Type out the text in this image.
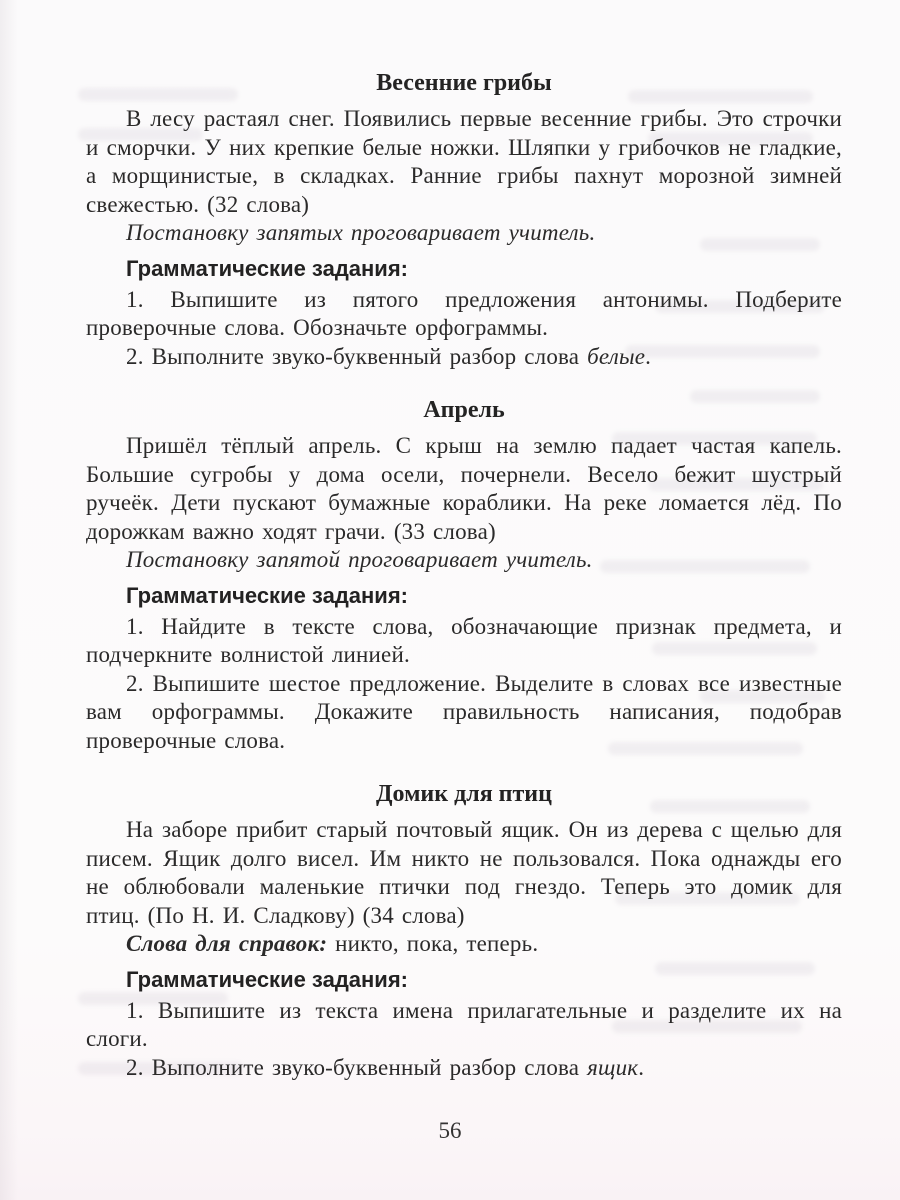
Весенние грибы

В лесу растаял снег. Появились первые весенние грибы. Это строчки и сморчки. У них крепкие белые ножки. Шляпки у грибочков не гладкие, а морщинистые, в складках. Ранние грибы пахнут морозной зимней свежестью. (32 слова)

Постановку запятых проговаривает учитель.

Грамматические задания:

1. Выпишите из пятого предложения антонимы. Подберите проверочные слова. Обозначьте орфограммы.

2. Выполните звуко-буквенный разбор слова белые.

Апрель

Пришёл тёплый апрель. С крыш на землю падает частая капель. Большие сугробы у дома осели, почернели. Весело бежит шустрый ручеёк. Дети пускают бумажные кораблики. На реке ломается лёд. По дорожкам важно ходят грачи. (33 слова)

Постановку запятой проговаривает учитель.

Грамматические задания:

1. Найдите в тексте слова, обозначающие признак предмета, и подчеркните волнистой линией.

2. Выпишите шестое предложение. Выделите в словах все известные вам орфограммы. Докажите правильность написания, подобрав проверочные слова.

Домик для птиц

На заборе прибит старый почтовый ящик. Он из дерева с щелью для писем. Ящик долго висел. Им никто не пользовался. Пока однажды его не облюбовали маленькие птички под гнездо. Теперь это домик для птиц. (По Н. И. Сладкову) (34 слова)

Слова для справок: никто, пока, теперь.

Грамматические задания:

1. Выпишите из текста имена прилагательные и разделите их на слоги.

2. Выполните звуко-буквенный разбор слова ящик.

56
